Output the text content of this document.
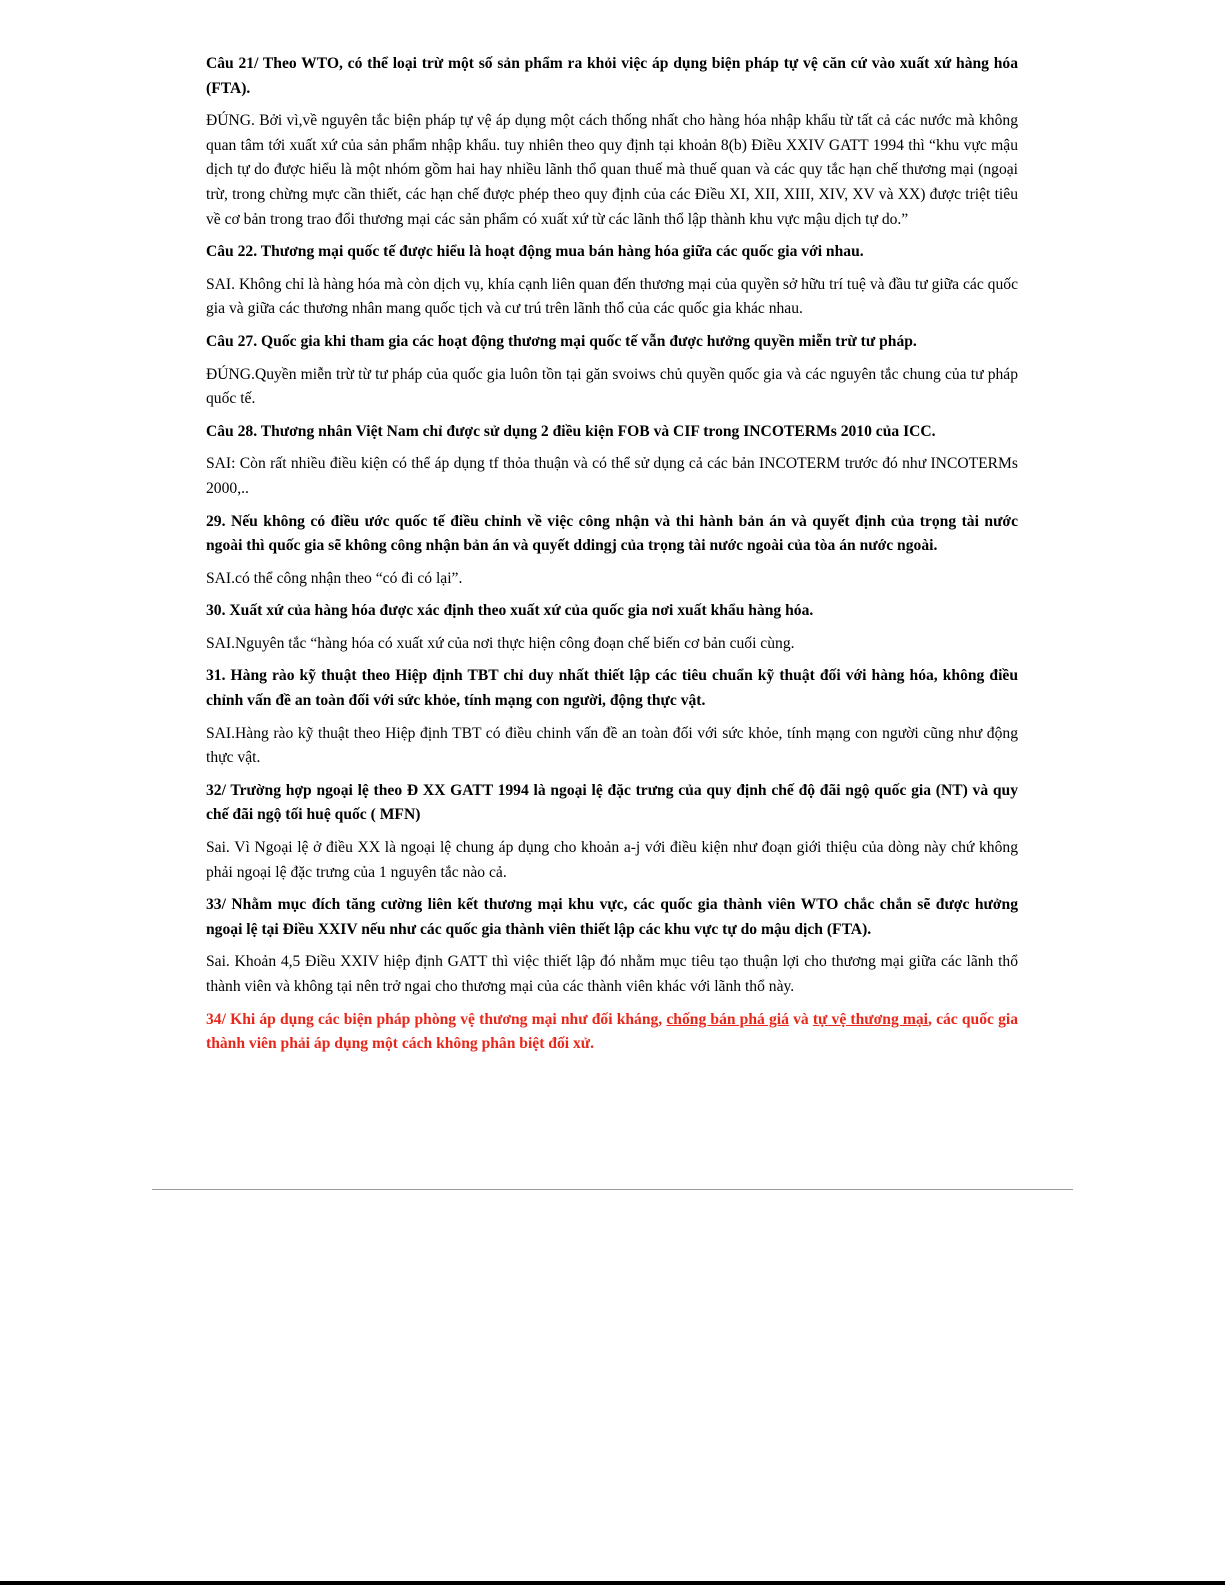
Câu 21/ Theo WTO, có thể loại trừ một số sản phẩm ra khỏi việc áp dụng biện pháp tự vệ căn cứ vào xuất xứ hàng hóa (FTA).

ĐÚNG. Bởi vì,về nguyên tắc biện pháp tự vệ áp dụng một cách thống nhất cho hàng hóa nhập khẩu từ tất cả các nước mà không quan tâm tới xuất xứ của sản phẩm nhập khẩu. tuy nhiên theo quy định tại khoản 8(b) Điều XXIV GATT 1994 thì “khu vực mậu dịch tự do được hiểu là một nhóm gồm hai hay nhiều lãnh thổ quan thuế mà thuế quan và các quy tắc hạn chế thương mại (ngoại trừ, trong chừng mực cần thiết, các hạn chế được phép theo quy định của các Điều XI, XII, XIII, XIV, XV và XX) được triệt tiêu về cơ bản trong trao đổi thương mại các sản phẩm có xuất xứ từ các lãnh thổ lập thành khu vực mậu dịch tự do.”

Câu 22. Thương mại quốc tế được hiểu là hoạt động mua bán hàng hóa giữa các quốc gia với nhau.

SAI. Không chỉ là hàng hóa mà còn dịch vụ, khía cạnh liên quan đến thương mại của quyền sở hữu trí tuệ và đầu tư giữa các quốc gia và giữa các thương nhân mang quốc tịch và cư trú trên lãnh thổ của các quốc gia khác nhau.

Câu 27. Quốc gia khi tham gia các hoạt động thương mại quốc tế vẫn được hưởng quyền miễn trừ tư pháp.

ĐÚNG.Quyền miễn trừ từ tư pháp của quốc gia luôn tồn tại găn svoiws chủ quyền quốc gia và các nguyên tắc chung của tư pháp quốc tế.

Câu 28. Thương nhân Việt Nam chỉ được sử dụng 2 điều kiện FOB và CIF trong INCOTERMs 2010 của ICC.

SAI: Còn rất nhiều điều kiện có thể áp dụng tf thỏa thuận và có thể sử dụng cả các bản INCOTERM trước đó như INCOTERMs 2000,..

29. Nếu không có điều ước quốc tế điều chỉnh về việc công nhận và thi hành bản án và quyết định của trọng tài nước ngoài thì quốc gia sẽ không công nhận bản án và quyết ddingj của trọng tài nước ngoài của tòa án nước ngoài.

SAI.có thể công nhận theo “có đi có lại”.

30. Xuất xứ của hàng hóa được xác định theo xuất xứ của quốc gia nơi xuất khẩu hàng hóa.

SAI.Nguyên tắc “hàng hóa có xuất xứ của nơi thực hiện công đoạn chế biến cơ bản cuối cùng.

31. Hàng rào kỹ thuật theo Hiệp định TBT chỉ duy nhất thiết lập các tiêu chuẩn kỹ thuật đối với hàng hóa, không điều chỉnh vấn đề an toàn đối với sức khỏe, tính mạng con người, động thực vật.

SAI.Hàng rào kỹ thuật theo Hiệp định TBT có điều chinh vấn đề an toàn đối với sức khỏe, tính mạng con người cũng như động thực vật.

32/ Trường hợp ngoại lệ theo Đ XX GATT 1994 là ngoại lệ đặc trưng của quy định chế độ đãi ngộ quốc gia (NT) và quy chế đãi ngộ tối huệ quốc ( MFN)

Sai. Vì Ngoại lệ ở điều XX là ngoại lệ chung áp dụng cho khoản a-j với điều kiện như đoạn giới thiệu của dòng này chứ không phải ngoại lệ đặc trưng của 1 nguyên tắc nào cả.

33/ Nhằm mục đích tăng cường liên kết thương mại khu vực, các quốc gia thành viên WTO chắc chắn sẽ được hưởng ngoại lệ tại Điều XXIV nếu như các quốc gia thành viên thiết lập các khu vực tự do mậu dịch (FTA).

Sai. Khoản 4,5 Điều XXIV hiệp định GATT thì việc thiết lập đó nhằm mục tiêu tạo thuận lợi cho thương mại giữa các lãnh thổ thành viên và không tại nên trở ngai cho thương mại của các thành viên khác với lãnh thổ này.

34/ Khi áp dụng các biện pháp phòng vệ thương mại như đối kháng, chống bán phá giá và tự vệ thương mại, các quốc gia thành viên phải áp dụng một cách không phân biệt đối xử.
